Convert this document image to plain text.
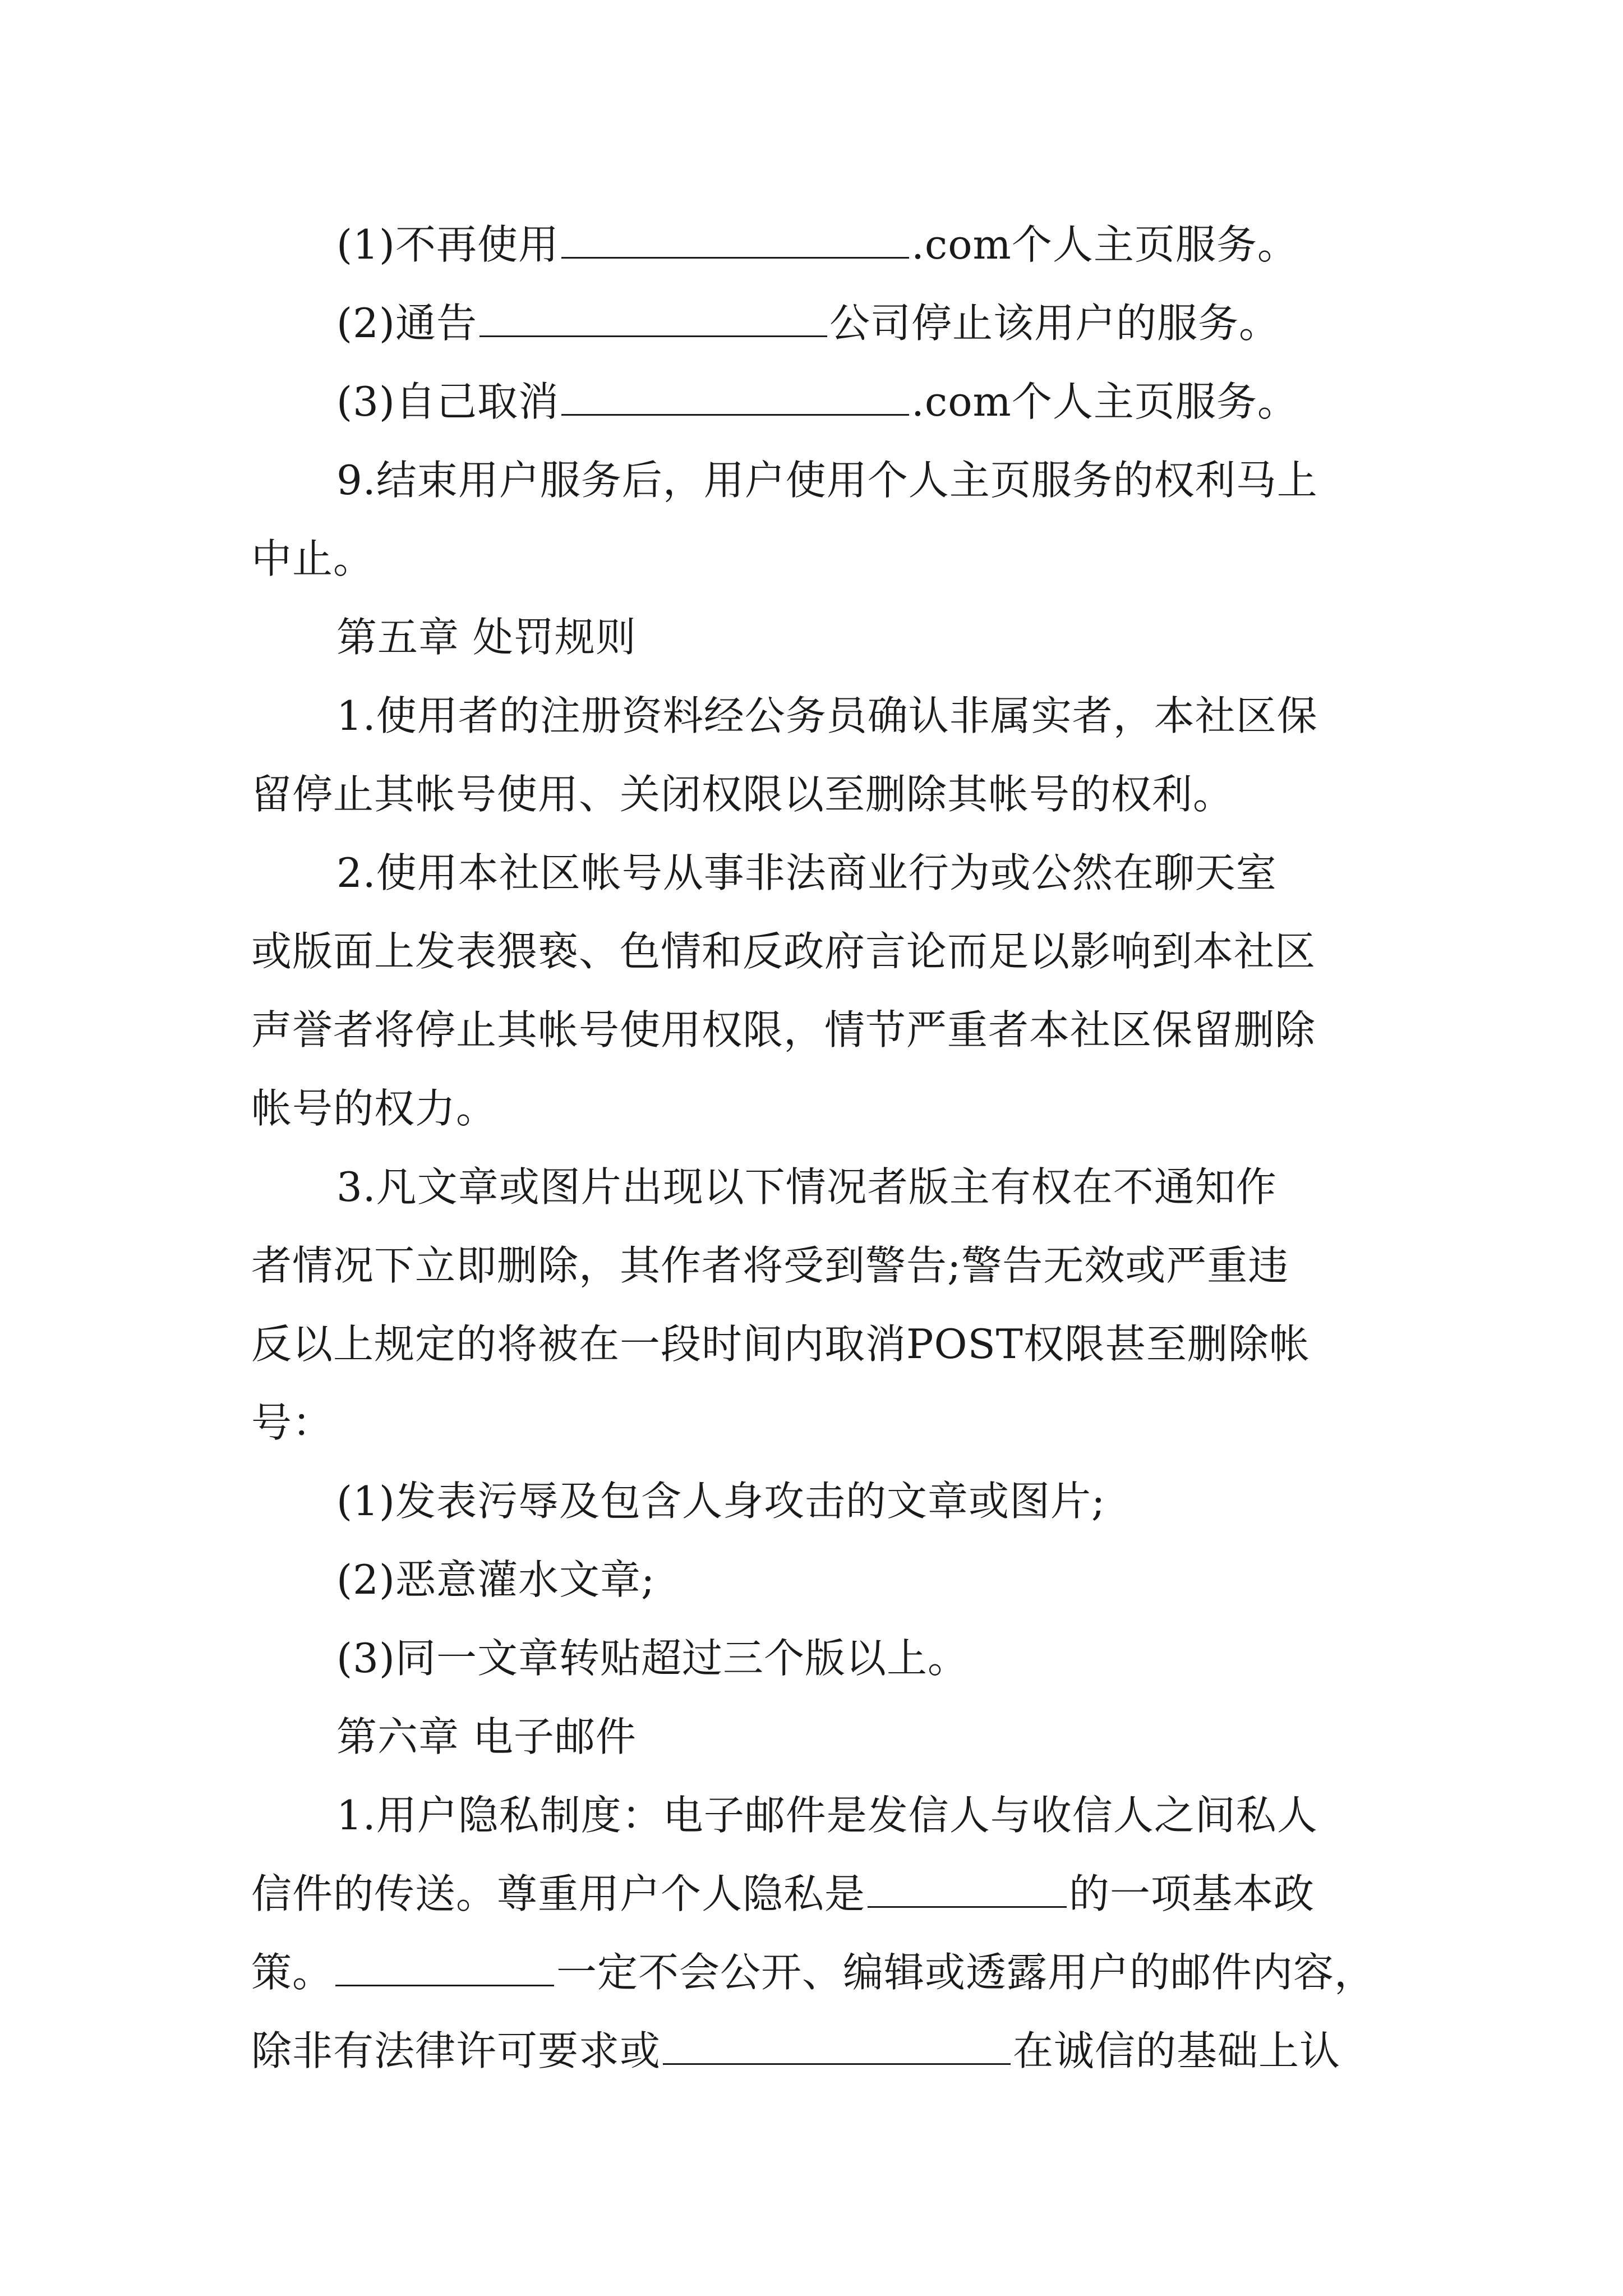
(1)不再使用	.com个人主页服务。
(2)通告	公司停止该用户的服务。
(3)自己取消	.com个人主页服务。
9.结束用户服务后，用户使用个人主页服务的权利马上
中止。
第五章 处罚规则
1.使用者的注册资料经公务员确认非属实者，本社区保
留停止其帐号使用、关闭权限以至删除其帐号的权利。
2.使用本社区帐号从事非法商业行为或公然在聊天室
或版面上发表猥亵、色情和反政府言论而足以影响到本社区
声誉者将停止其帐号使用权限，情节严重者本社区保留删除
帐号的权力。
3.凡文章或图片出现以下情况者版主有权在不通知作
者情况下立即删除，其作者将受到警告;警告无效或严重违
反以上规定的将被在一段时间内取消POST权限甚至删除帐
号：
(1)发表污辱及包含人身攻击的文章或图片;
(2)恶意灌水文章;
(3)同一文章转贴超过三个版以上。
第六章 电子邮件
1.用户隐私制度：电子邮件是发信人与收信人之间私人
信件的传送。尊重用户个人隐私是	的一项基本政
策。	一定不会公开、编辑或透露用户的邮件内容，
除非有法律许可要求或	在诚信的基础上认
